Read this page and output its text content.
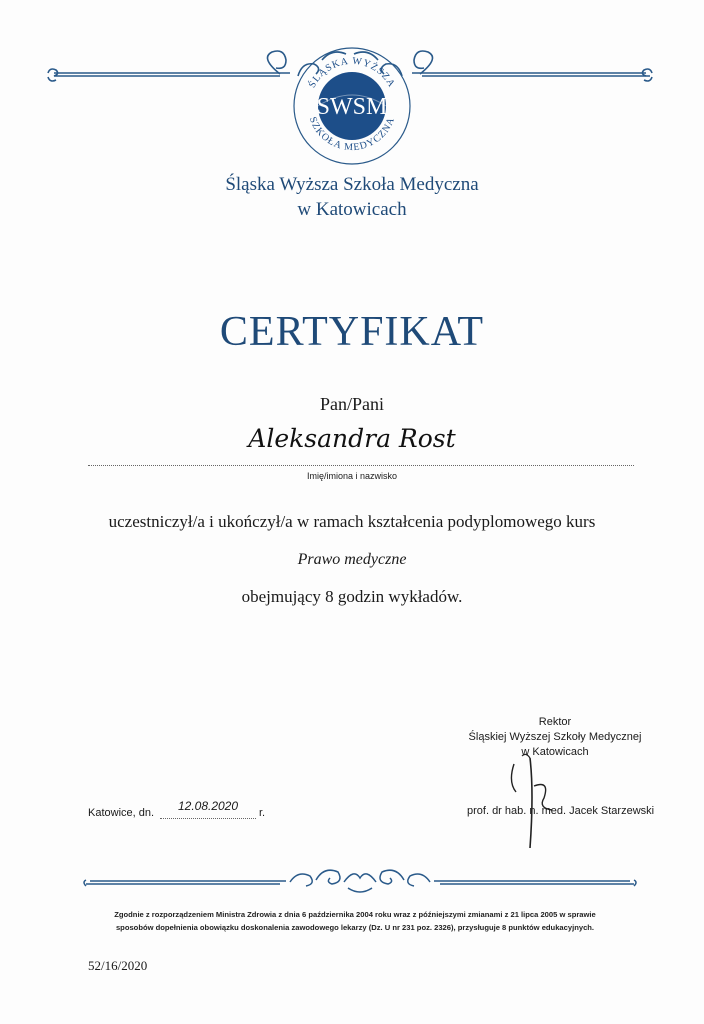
ŚLĄSKA WYŻSZA
SZKOŁA MEDYCZNA
SWSM
Śląska Wyższa Szkoła Medyczna
w Katowicach
CERTYFIKAT
Pan/Pani
Aleksandra Rost
Imię/imiona i nazwisko
uczestniczył/a i ukończył/a w ramach kształcenia podyplomowego kurs
Prawo medyczne
obejmujący 8 godzin wykładów.
Rektor
Śląskiej Wyższej Szkoły Medycznej
w Katowicach
prof. dr hab. n. med. Jacek Starzewski
Katowice, dn.	12.08.2020	r.
Zgodnie z rozporządzeniem Ministra Zdrowia z dnia 6 października 2004 roku wraz z późniejszymi zmianami z 21 lipca 2005 w sprawie
sposobów dopełnienia obowiązku doskonalenia zawodowego lekarzy (Dz. U nr 231 poz. 2326), przysługuje 8 punktów edukacyjnych.
52/16/2020
